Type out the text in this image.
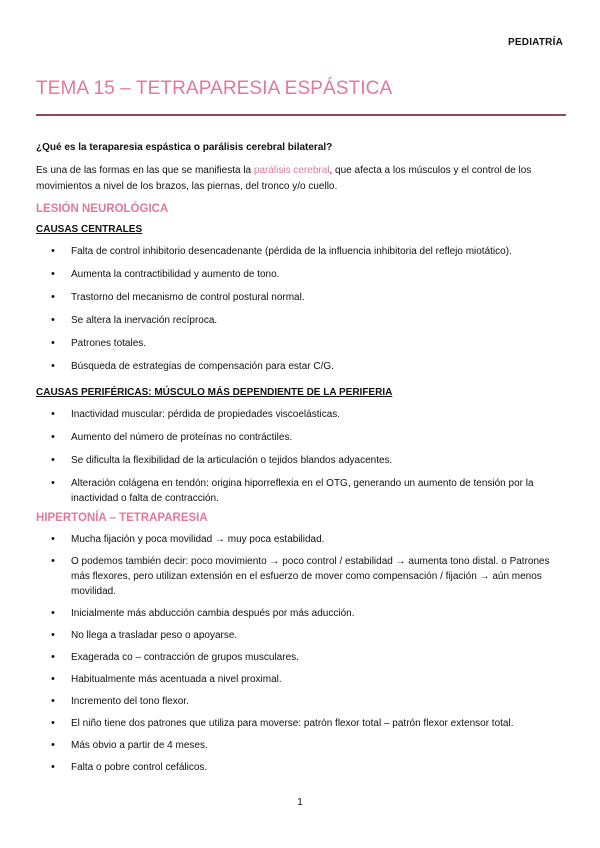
PEDIATRÍA
TEMA 15 – TETRAPARESIA ESPÁSTICA

¿Qué es la teraparesia espástica o parálisis cerebral bilateral?

Es una de las formas en las que se manifiesta la parálisis cerebral, que afecta a los músculos y el control de los movimientos a nivel de los brazos, las piernas, del tronco y/o cuello.

LESIÓN NEUROLÓGICA
CAUSAS CENTRALES
• Falta de control inhibitorio desencadenante (pérdida de la influencia inhibitoria del reflejo miotático).
• Aumenta la contractibilidad y aumento de tono.
• Trastorno del mecanismo de control postural normal.
• Se altera la inervación recíproca.
• Patrones totales.
• Búsqueda de estrategias de compensación para estar C/G.
CAUSAS PERIFÉRICAS: MÚSCULO MÁS DEPENDIENTE DE LA PERIFERIA
• Inactividad muscular: pérdida de propiedades viscoelásticas.
• Aumento del número de proteínas no contráctiles.
• Se dificulta la flexibilidad de la articulación o tejidos blandos adyacentes.
• Alteración colágena en tendón: origina hiporreflexia en el OTG, generando un aumento de tensión por la inactividad o falta de contracción.
HIPERTONÍA – TETRAPARESIA
• Mucha fijación y poca movilidad → muy poca estabilidad.
• O podemos también decir: poco movimiento → poco control / estabilidad → aumenta tono distal. o Patrones más flexores, pero utilizan extensión en el esfuerzo de mover como compensación / fijación → aún menos movilidad.
• Inicialmente más abducción cambia después por más aducción.
• No llega a trasladar peso o apoyarse.
• Exagerada co – contracción de grupos musculares.
• Habitualmente más acentuada a nivel proximal.
• Incremento del tono flexor.
• El niño tiene dos patrones que utiliza para moverse: patrón flexor total – patrón flexor extensor total.
• Más obvio a partir de 4 meses.
• Falta o pobre control cefálicos.
1
